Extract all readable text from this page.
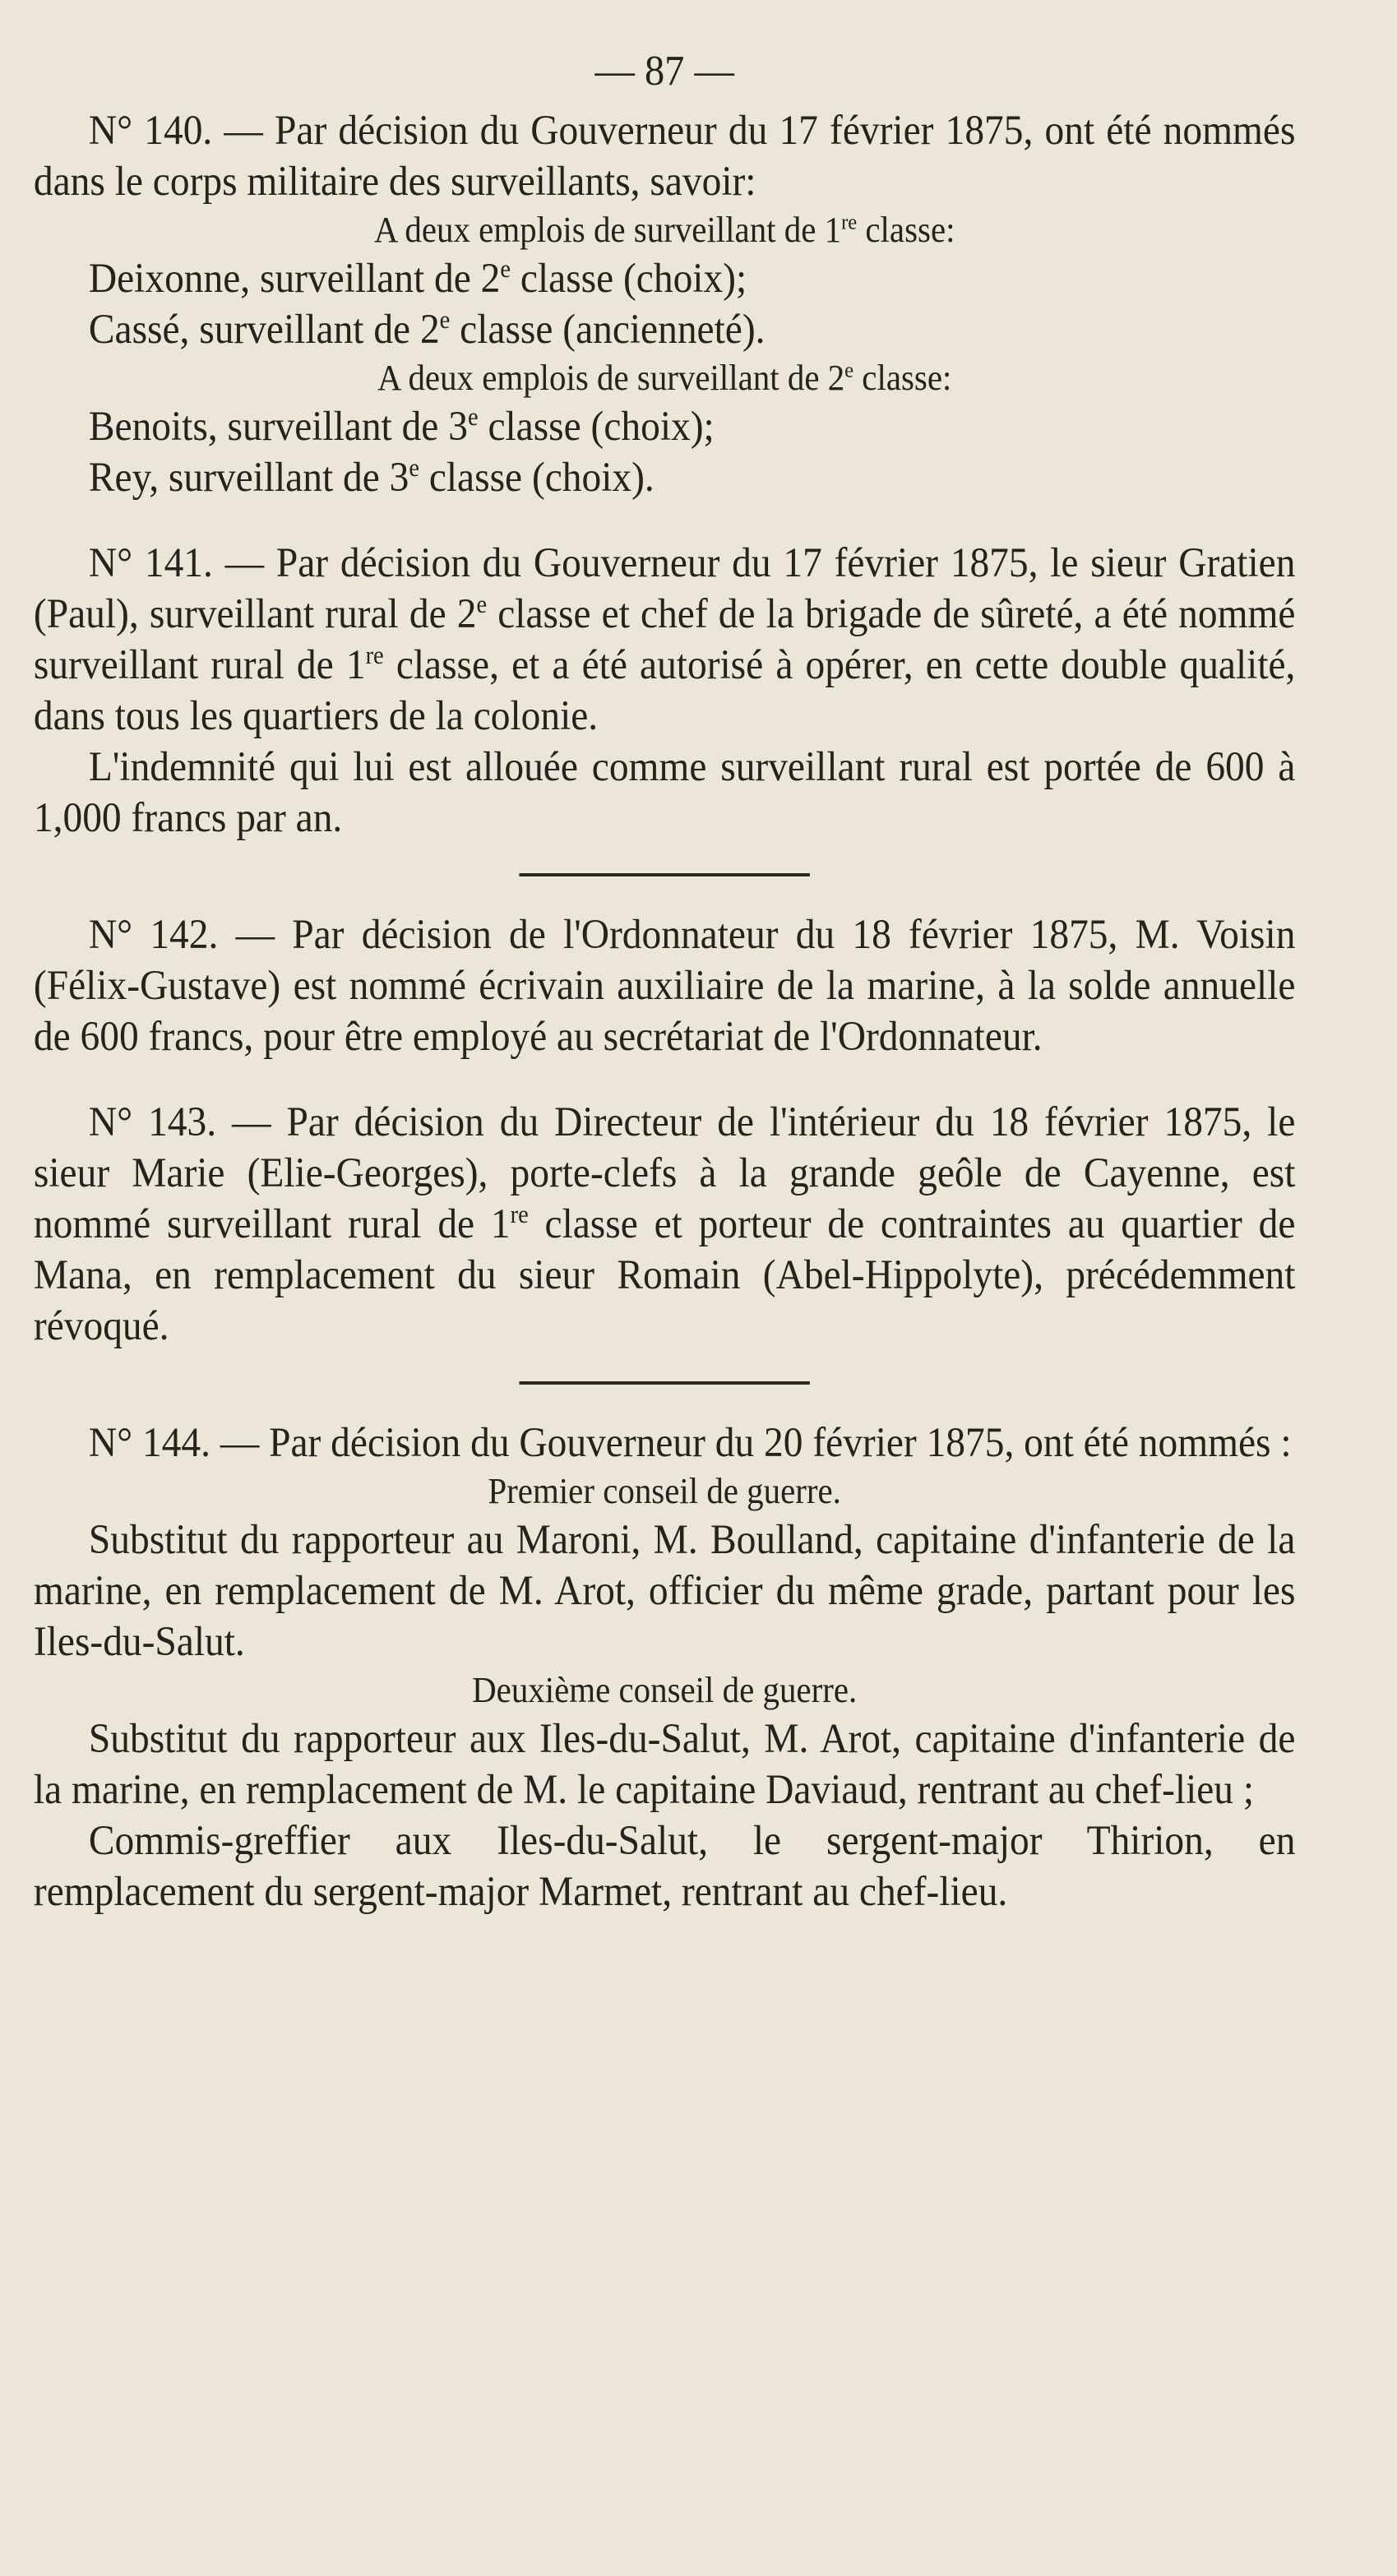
— 87 —

N° 140. — Par décision du Gouverneur du 17 février 1875, ont été nommés dans le corps militaire des surveillants, savoir:

A deux emplois de surveillant de 1re classe:

Deixonne, surveillant de 2e classe (choix);

Cassé, surveillant de 2e classe (ancienneté).

A deux emplois de surveillant de 2e classe:

Benoits, surveillant de 3e classe (choix);

Rey, surveillant de 3e classe (choix).

N° 141. — Par décision du Gouverneur du 17 février 1875, le sieur Gratien (Paul), surveillant rural de 2e classe et chef de la brigade de sûreté, a été nommé surveillant rural de 1re classe, et a été autorisé à opérer, en cette double qualité, dans tous les quartiers de la colonie.

L'indemnité qui lui est allouée comme surveillant rural est portée de 600 à 1,000 francs par an.

N° 142. — Par décision de l'Ordonnateur du 18 février 1875, M. Voisin (Félix-Gustave) est nommé écrivain auxiliaire de la marine, à la solde annuelle de 600 francs, pour être employé au secrétariat de l'Ordonnateur.

N° 143. — Par décision du Directeur de l'intérieur du 18 février 1875, le sieur Marie (Elie-Georges), porte-clefs à la grande geôle de Cayenne, est nommé surveillant rural de 1re classe et porteur de contraintes au quartier de Mana, en remplacement du sieur Romain (Abel-Hippolyte), précédemment révoqué.

N° 144. — Par décision du Gouverneur du 20 février 1875, ont été nommés :

Premier conseil de guerre.

Substitut du rapporteur au Maroni, M. Boulland, capitaine d'infanterie de la marine, en remplacement de M. Arot, officier du même grade, partant pour les Iles-du-Salut.

Deuxième conseil de guerre.

Substitut du rapporteur aux Iles-du-Salut, M. Arot, capitaine d'infanterie de la marine, en remplacement de M. le capitaine Daviaud, rentrant au chef-lieu ;

Commis-greffier aux Iles-du-Salut, le sergent-major Thirion, en remplacement du sergent-major Marmet, rentrant au chef-lieu.
